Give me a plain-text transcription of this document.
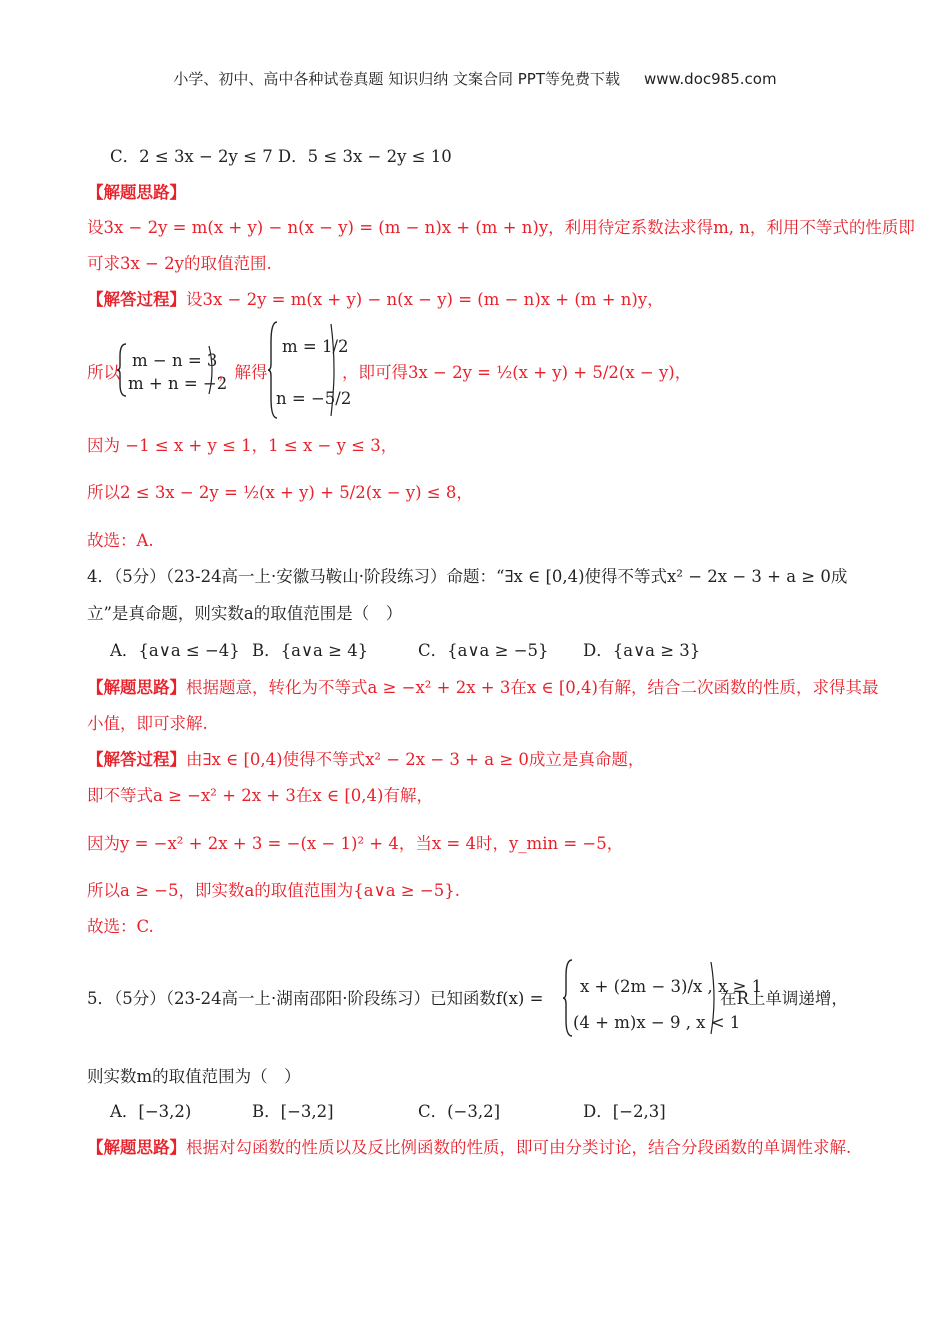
小学、初中、高中各种试卷真题 知识归纳 文案合同 PPT等免费下载 www.doc985.com
C．2 ≤ 3x − 2y ≤ 7 D．5 ≤ 3x − 2y ≤ 10
【解题思路】
设3x − 2y = m(x + y) − n(x − y) = (m − n)x + (m + n)y，利用待定系数法求得m, n，利用不等式的性质即
可求3x − 2y的取值范围.
【解答过程】设3x − 2y = m(x + y) − n(x − y) = (m − n)x + (m + n)y，
所以
m − n = 3
m + n = −2
，解得
m = 1/2
n = −5/2
，即可得3x − 2y = ½(x + y) + 5/2(x − y)，
因为 −1 ≤ x + y ≤ 1，1 ≤ x − y ≤ 3，
所以2 ≤ 3x − 2y = ½(x + y) + 5/2(x − y) ≤ 8，
故选：A.
4．（5分）（23-24高一上·安徽马鞍山·阶段练习）命题：“∃x ∈ [0,4)使得不等式x² − 2x − 3 + a ≥ 0成
立”是真命题，则实数a的取值范围是（　）
A．{a∨a ≤ −4} B．{a∨a ≥ 4}	C．{a∨a ≥ −5} D．{a∨a ≥ 3}
【解题思路】根据题意，转化为不等式a ≥ −x² + 2x + 3在x ∈ [0,4)有解，结合二次函数的性质，求得其最
小值，即可求解.
【解答过程】由∃x ∈ [0,4)使得不等式x² − 2x − 3 + a ≥ 0成立是真命题，
即不等式a ≥ −x² + 2x + 3在x ∈ [0,4)有解，
因为y = −x² + 2x + 3 = −(x − 1)² + 4，当x = 4时，y_min = −5，
所以a ≥ −5，即实数a的取值范围为{a∨a ≥ −5}.
故选：C.
5．（5分）（23-24高一上·湖南邵阳·阶段练习）已知函数f(x) =
x + (2m − 3)/x , x ≥ 1
(4 + m)x − 9 , x < 1
在R上单调递增，
则实数m的取值范围为（　）
A．[−3,2)	B．[−3,2]	C．(−3,2]	D．[−2,3]
【解题思路】根据对勾函数的性质以及反比例函数的性质，即可由分类讨论，结合分段函数的单调性求解.
